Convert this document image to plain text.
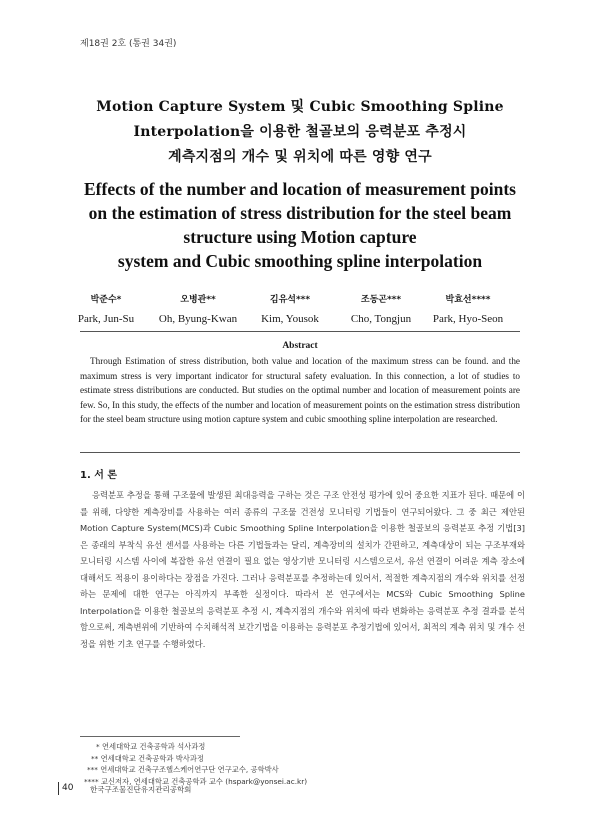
제18권 2호 (통권 34권)
Motion Capture System 및 Cubic Smoothing Spline
Interpolation을 이용한 철골보의 응력분포 추정시
계측지점의 개수 및 위치에 따른 영향 연구
Effects of the number and location of measurement points
on the estimation of stress distribution for the steel beam
structure using Motion capture
system and Cubic smoothing spline interpolation
박준수*
Park, Jun-Su
오병관**
Oh, Byung-Kwan
김유석***
Kim, Yousok
조동곤***
Cho, Tongjun
박효선****
Park, Hyo-Seon
Abstract

Through Estimation of stress distribution, both value and location of the maximum stress can be found. and the maximum stress is very important indicator for structural safety evaluation. In this connection, a lot of studies to estimate stress distributions are conducted. But studies on the optimal number and location of measurement points are few. So, In this study, the effects of the number and location of measurement points on the estimation stress distribution for the steel beam structure using motion capture system and cubic smoothing spline interpolation are researched.

1. 서 론

응력분포 추정을 통해 구조물에 발생된 최대응력을 구하는 것은 구조 안전성 평가에 있어 중요한 지표가 된다. 때문에 이를 위해, 다양한 계측장비를 사용하는 여러 종류의 구조물 건전성 모니터링 기법들이 연구되어왔다. 그 중 최근 제안된 Motion Capture System(MCS)과 Cubic Smoothing Spline Interpolation을 이용한 철골보의 응력분포 추정 기법[3]은 종래의 부착식 유선 센서를 사용하는 다른 기법들과는 달리, 계측장비의 설치가 간편하고, 계측대상이 되는 구조부재와 모니터링 시스템 사이에 복잡한 유선 연결이 필요 없는 영상기반 모니터링 시스템으로서, 유선 연결이 어려운 계측 장소에 대해서도 적용이 용이하다는 장점을 가진다. 그러나 응력분포를 추정하는데 있어서, 적절한 계측지점의 개수와 위치를 선정하는 문제에 대한 연구는 아직까지 부족한 실정이다. 따라서 본 연구에서는 MCS와 Cubic Smoothing Spline Interpolation을 이용한 철골보의 응력분포 추정 시, 계측지점의 개수와 위치에 따라 변화하는 응력분포 추정 결과를 분석함으로써, 계측변위에 기반하여 수치해석적 보간기법을 이용하는 응력분포 추정기법에 있어서, 최적의 계측 위치 및 개수 선정을 위한 기초 연구를 수행하였다.

* 연세대학교 건축공학과 석사과정
** 연세대학교 건축공학과 박사과정
*** 연세대학교 건축구조헬스케어연구단 연구교수, 공학박사
**** 교신저자, 연세대학교 건축공학과 교수 (hspark@yonsei.ac.kr)
40 한국구조물진단유지관리공학회
